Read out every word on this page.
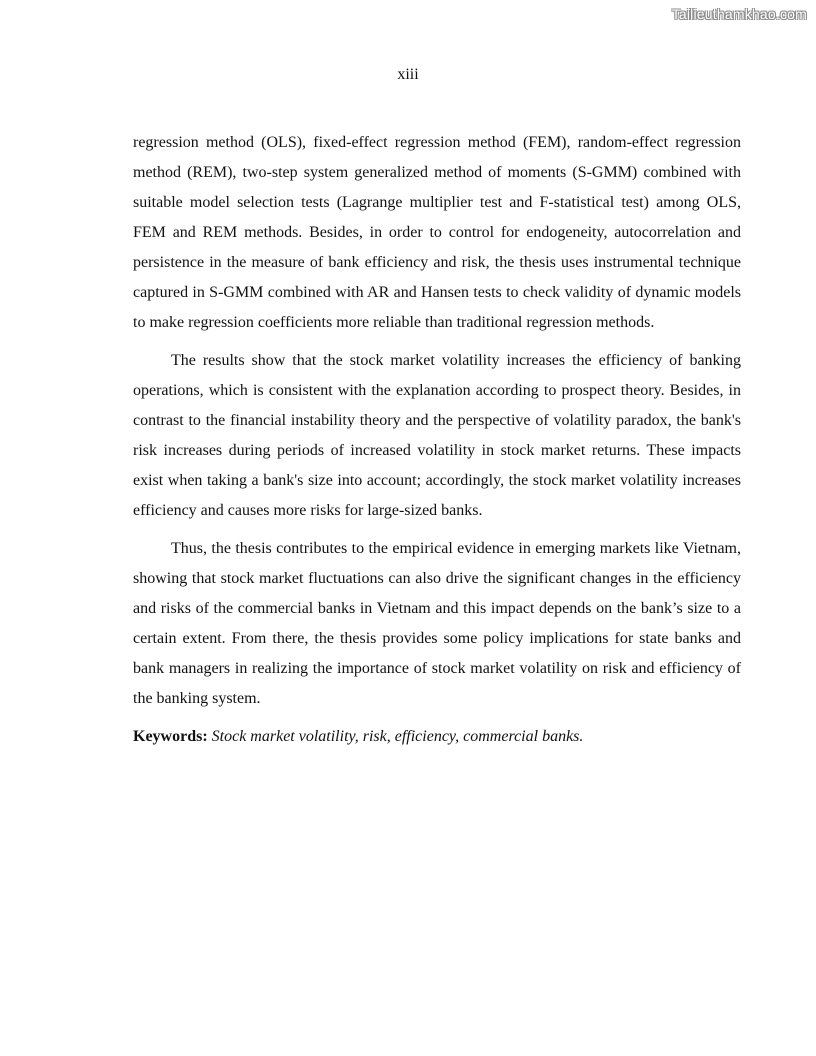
Tailieuthamkhao.com
xiii

regression method (OLS), fixed-effect regression method (FEM), random-effect regression method (REM), two-step system generalized method of moments (S-GMM) combined with suitable model selection tests (Lagrange multiplier test and F-statistical test) among OLS, FEM and REM methods. Besides, in order to control for endogeneity, autocorrelation and persistence in the measure of bank efficiency and risk, the thesis uses instrumental technique captured in S-GMM combined with AR and Hansen tests to check validity of dynamic models to make regression coefficients more reliable than traditional regression methods.

The results show that the stock market volatility increases the efficiency of banking operations, which is consistent with the explanation according to prospect theory. Besides, in contrast to the financial instability theory and the perspective of volatility paradox, the bank's risk increases during periods of increased volatility in stock market returns. These impacts exist when taking a bank's size into account; accordingly, the stock market volatility increases efficiency and causes more risks for large-sized banks.

Thus, the thesis contributes to the empirical evidence in emerging markets like Vietnam, showing that stock market fluctuations can also drive the significant changes in the efficiency and risks of the commercial banks in Vietnam and this impact depends on the bank’s size to a certain extent. From there, the thesis provides some policy implications for state banks and bank managers in realizing the importance of stock market volatility on risk and efficiency of the banking system.

Keywords: Stock market volatility, risk, efficiency, commercial banks.
